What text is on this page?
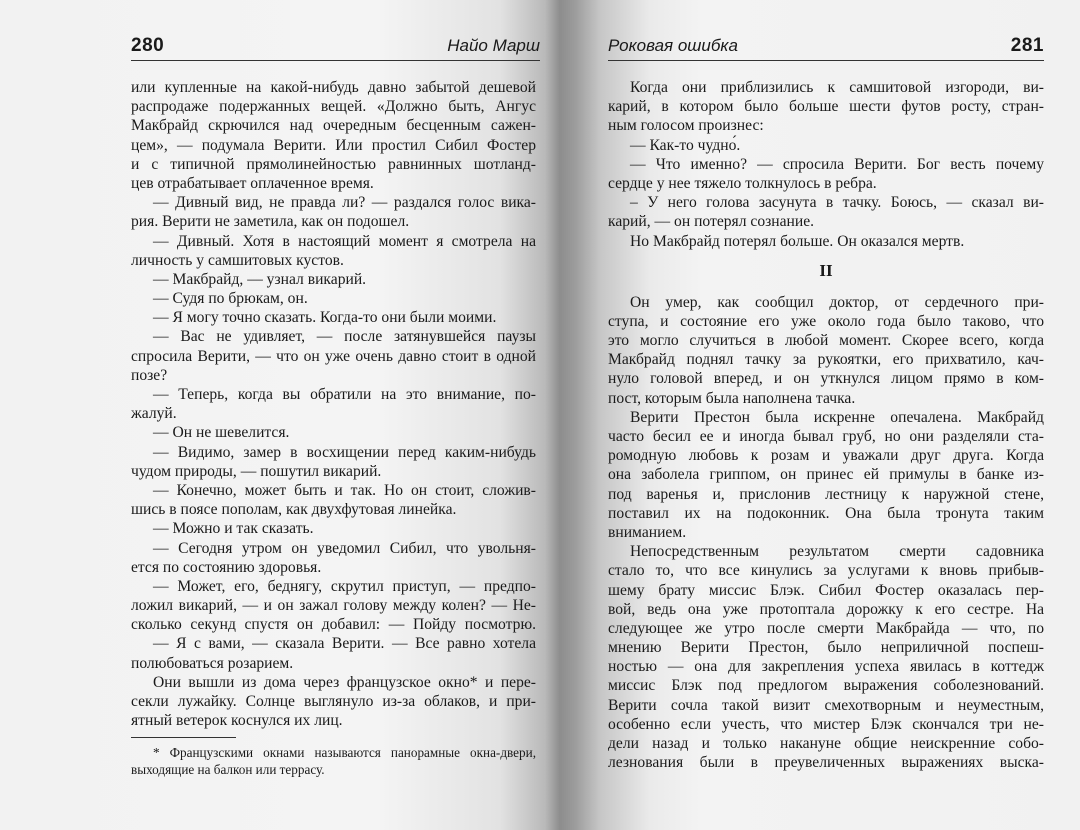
280	Найо Марш
или купленные на какой-нибудь давно забытой дешевой
распродаже подержанных вещей. «Должно быть, Ангус
Макбрайд скрючился над очередным бесценным сажен-
цем», — подумала Верити. Или простил Сибил Фостер
и с типичной прямолинейностью равнинных шотланд-
цев отрабатывает оплаченное время.
— Дивный вид, не правда ли? — раздался голос вика-
рия. Верити не заметила, как он подошел.
— Дивный. Хотя в настоящий момент я смотрела на
личность у самшитовых кустов.
— Макбрайд, — узнал викарий.
— Судя по брюкам, он.
— Я могу точно сказать. Когда-то они были моими.
— Вас не удивляет, — после затянувшейся паузы
спросила Верити, — что он уже очень давно стоит в одной
позе?
— Теперь, когда вы обратили на это внимание, по-
жалуй.
— Он не шевелится.
— Видимо, замер в восхищении перед каким-нибудь
чудом природы, — пошутил викарий.
— Конечно, может быть и так. Но он стоит, сложив-
шись в поясе пополам, как двухфутовая линейка.
— Можно и так сказать.
— Сегодня утром он уведомил Сибил, что увольня-
ется по состоянию здоровья.
— Может, его, беднягу, скрутил приступ, — предпо-
ложил викарий, — и он зажал голову между колен? — Не-
сколько секунд спустя он добавил: — Пойду посмотрю.
— Я с вами, — сказала Верити. — Все равно хотела
полюбоваться розарием.
Они вышли из дома через французское окно* и пере-
секли лужайку. Солнце выглянуло из-за облаков, и при-
ятный ветерок коснулся их лиц.
* Французскими окнами называются панорамные окна-двери,
выходящие на балкон или террасу.
Роковая ошибка	281
Когда они приблизились к самшитовой изгороди, ви-
карий, в котором было больше шести футов росту, стран-
ным голосом произнес:
— Как-то чудно́.
— Что именно? — спросила Верити. Бог весть почему
сердце у нее тяжело толкнулось в ребра.
– У него голова засунута в тачку. Боюсь, — сказал ви-
карий, — он потерял сознание.
Но Макбрайд потерял больше. Он оказался мертв.
II
Он умер, как сообщил доктор, от сердечного при-
ступа, и состояние его уже около года было таково, что
это могло случиться в любой момент. Скорее всего, когда
Макбрайд поднял тачку за рукоятки, его прихватило, кач-
нуло головой вперед, и он уткнулся лицом прямо в ком-
пост, которым была наполнена тачка.
Верити Престон была искренне опечалена. Макбрайд
часто бесил ее и иногда бывал груб, но они разделяли ста-
ромодную любовь к розам и уважали друг друга. Когда
она заболела гриппом, он принес ей примулы в банке из-
под варенья и, прислонив лестницу к наружной стене,
поставил их на подоконник. Она была тронута таким
вниманием.
Непосредственным результатом смерти садовника
стало то, что все кинулись за услугами к вновь прибыв-
шему брату миссис Блэк. Сибил Фостер оказалась пер-
вой, ведь она уже протоптала дорожку к его сестре. На
следующее же утро после смерти Макбрайда — что, по
мнению Верити Престон, было неприличной поспеш-
ностью — она для закрепления успеха явилась в коттедж
миссис Блэк под предлогом выражения соболезнований.
Верити сочла такой визит смехотворным и неуместным,
особенно если учесть, что мистер Блэк скончался три не-
дели назад и только накануне общие неискренние собо-
лезнования были в преувеличенных выражениях выска-
